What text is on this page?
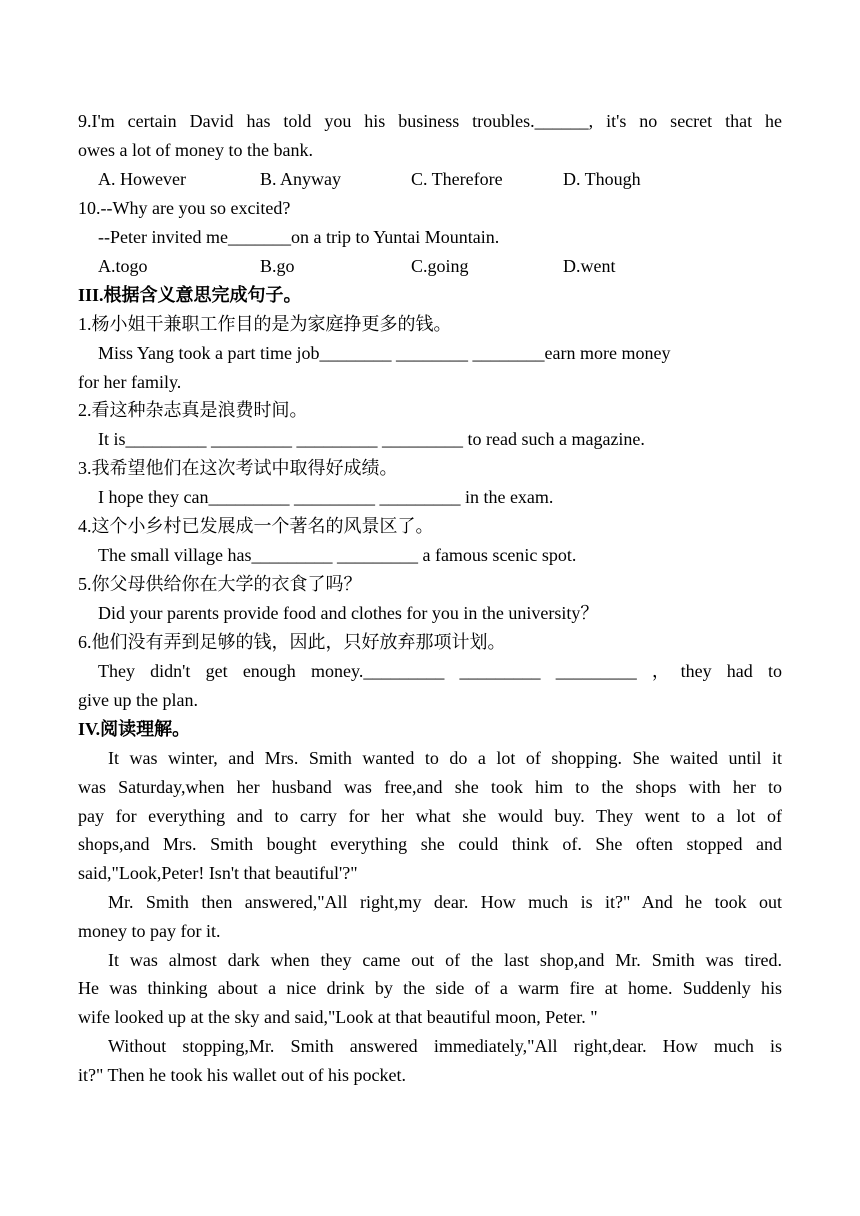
9.I'm certain David has told you his business troubles.______, it's no secret that he
owes a lot of money to the bank.
A. However	B. Anyway	C. Therefore	D. Though
10.--Why are you so excited?
--Peter invited me_______on a trip to Yuntai Mountain.
A.togo	B.go	C.going	D.went
III.根据含义意思完成句子。
1.杨小姐干兼职工作目的是为家庭挣更多的钱。
Miss Yang took a part time job________ ________ ________earn more money
for her family.
2.看这种杂志真是浪费时间。
It is_________ _________ _________ _________ to read such a magazine.
3.我希望他们在这次考试中取得好成绩。
I hope they can_________ _________ _________ in the exam.
4.这个小乡村已发展成一个著名的风景区了。
The small village has_________ _________ a famous scenic spot.
5.你父母供给你在大学的衣食了吗？
Did your parents provide food and clothes for you in the university？
6.他们没有弄到足够的钱，因此，只好放弃那项计划。
They didn't get enough money._________ _________ _________ ，they had to
give up the plan.
IV.阅读理解。
It was winter, and Mrs. Smith wanted to do a lot of shopping. She waited until it
was Saturday,when her husband was free,and she took him to the shops with her to
pay for everything and to carry for her what she would buy. They went to a lot of
shops,and Mrs. Smith bought everything she could think of. She often stopped and
said,"Look,Peter! Isn't that beautiful'?"
Mr. Smith then answered,"All right,my dear. How much is it?" And he took out
money to pay for it.
It was almost dark when they came out of the last shop,and Mr. Smith was tired.
He was thinking about a nice drink by the side of a warm fire at home. Suddenly his
wife looked up at the sky and said,"Look at that beautiful moon, Peter. "
Without stopping,Mr. Smith answered immediately,"All right,dear. How much is
it?" Then he took his wallet out of his pocket.
